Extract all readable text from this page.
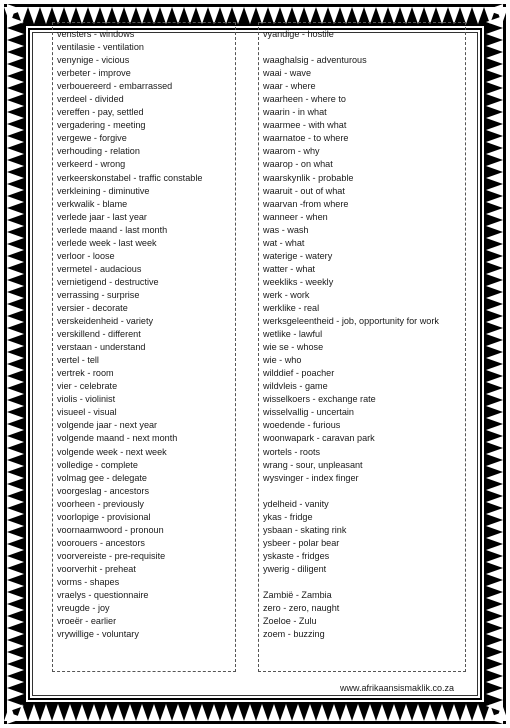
vensters - windows
ventilasie - ventilation
venynige - vicious
verbeter - improve
verbouereerd - embarrassed
verdeel - divided
vereffen - pay, settled
vergadering - meeting
vergewe - forgive
verhouding - relation
verkeerd - wrong
verkeerskonstabel - traffic constable
verkleining - diminutive
verkwalik - blame
verlede jaar - last year
verlede maand - last month
verlede week - last week
verloor - loose
vermetel - audacious
vernietigend - destructive
verrassing - surprise
versier - decorate
verskeidenheid - variety
verskillend - different
verstaan - understand
vertel - tell
vertrek - room
vier - celebrate
violis - violinist
visueel - visual
volgende jaar - next year
volgende maand - next month
volgende week - next week
volledige - complete
volmag gee - delegate
voorgeslag - ancestors
voorheen - previously
voorlopige - provisional
voornaamwoord - pronoun
voorouers - ancestors
voorvereiste - pre-requisite
voorverhit - preheat
vorms - shapes
vraelys - questionnaire
vreugde - joy
vroeër - earlier
vrywillige - voluntary
vyandige - hostile
waaghalsig - adventurous
waai - wave
waar - where
waarheen - where to
waarin - in what
waarmee - with what
waarnatoe - to where
waarom - why
waarop - on what
waarskynlik - probable
waaruit - out of what
waarvan -from where
wanneer - when
was - wash
wat - what
waterige - watery
watter - what
weekliks - weekly
werk - work
werklike - real
werksgeleentheid - job, opportunity for work
wetlike - lawful
wie se - whose
wie - who
wilddief - poacher
wildvleis - game
wisselkoers - exchange rate
wisselvallig - uncertain
woedende - furious
woonwapark - caravan park
wortels - roots
wrang - sour, unpleasant
wysvinger - index finger
ydelheid - vanity
ykas - fridge
ysbaan - skating rink
ysbeer - polar bear
yskaste - fridges
ywerig - diligent
Zambië - Zambia
zero - zero, naught
Zoeloe - Zulu
zoem - buzzing
www.afrikaansismaklik.co.za
